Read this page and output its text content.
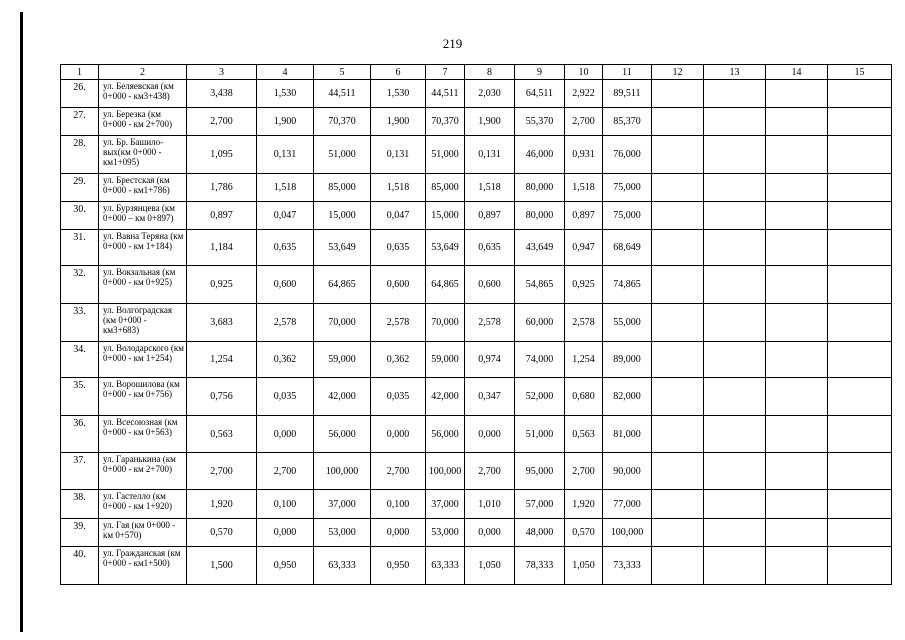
219
1	2	3	4	5	6	7	8	9	10	11	12	13	14	15
26.	ул. Беляевская (км 0+000 - км3+438)	3,438	1,530	44,511	1,530	44,511	2,030	64,511	2,922	89,511				
27.	ул. Березка (км 0+000 - км 2+700)	2,700	1,900	70,370	1,900	70,370	1,900	55,370	2,700	85,370				
28.	ул. Бр. Башило-вых(км 0+000 - км1+095)	1,095	0,131	51,000	0,131	51,000	0,131	46,000	0,931	76,000				
29.	ул. Брестская (км 0+000 - км1+786)	1,786	1,518	85,000	1,518	85,000	1,518	80,000	1,518	75,000				
30.	ул. Бурзянцева (км 0+000 – км 0+897)	0,897	0,047	15,000	0,047	15,000	0,897	80,000	0,897	75,000				
31.	ул. Вавна Теряна (км 0+000 - км 1+184)	1,184	0,635	53,649	0,635	53,649	0,635	43,649	0,947	68,649				
32.	ул. Вокзальная (км 0+000 - км 0+925)	0,925	0,600	64,865	0,600	64,865	0,600	54,865	0,925	74,865				
33.	ул. Волгоградская (км 0+000 - км3+683)	3,683	2,578	70,000	2,578	70,000	2,578	60,000	2,578	55,000				
34.	ул. Володарского (км 0+000 - км 1+254)	1,254	0,362	59,000	0,362	59,000	0,974	74,000	1,254	89,000				
35.	ул. Ворошилова (км 0+000 - км 0+756)	0,756	0,035	42,000	0,035	42,000	0,347	52,000	0,680	82,000				
36.	ул. Всесоюзная (км 0+000 - км 0+563)	0,563	0,000	56,000	0,000	56,000	0,000	51,000	0,563	81,000				
37.	ул. Гаранькина (км 0+000 - км 2+700)	2,700	2,700	100,000	2,700	100,000	2,700	95,000	2,700	90,000				
38.	ул. Гастелло (км 0+000 - км 1+920)	1,920	0,100	37,000	0,100	37,000	1,010	57,000	1,920	77,000				
39.	ул. Гая (км 0+000 - км 0+570)	0,570	0,000	53,000	0,000	53,000	0,000	48,000	0,570	100,000				
40.	ул. Гражданская (км 0+000 - км1+500)	1,500	0,950	63,333	0,950	63,333	1,050	78,333	1,050	73,333				
